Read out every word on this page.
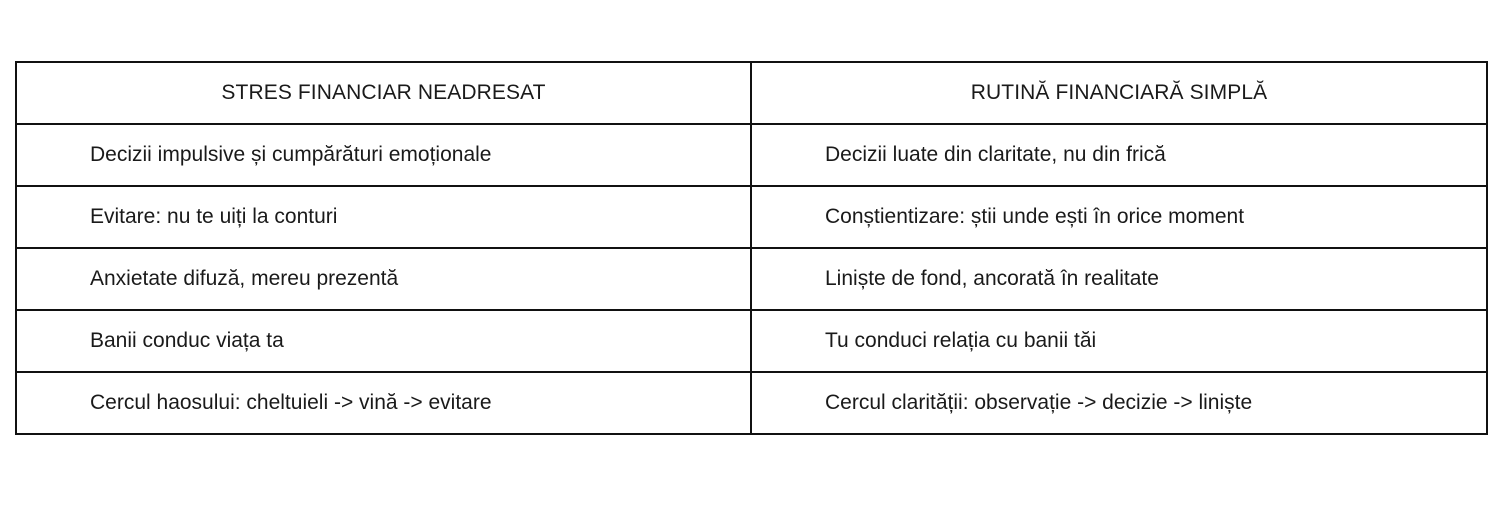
STRES FINANCIAR NEADRESAT	RUTINĂ FINANCIARĂ SIMPLĂ
Decizii impulsive și cumpărături emoționale	Decizii luate din claritate, nu din frică
Evitare: nu te uiți la conturi	Conștientizare: știi unde ești în orice moment
Anxietate difuză, mereu prezentă	Liniște de fond, ancorată în realitate
Banii conduc viața ta	Tu conduci relația cu banii tăi
Cercul haosului: cheltuieli -> vină -> evitare	Cercul clarității: observație -> decizie -> liniște
